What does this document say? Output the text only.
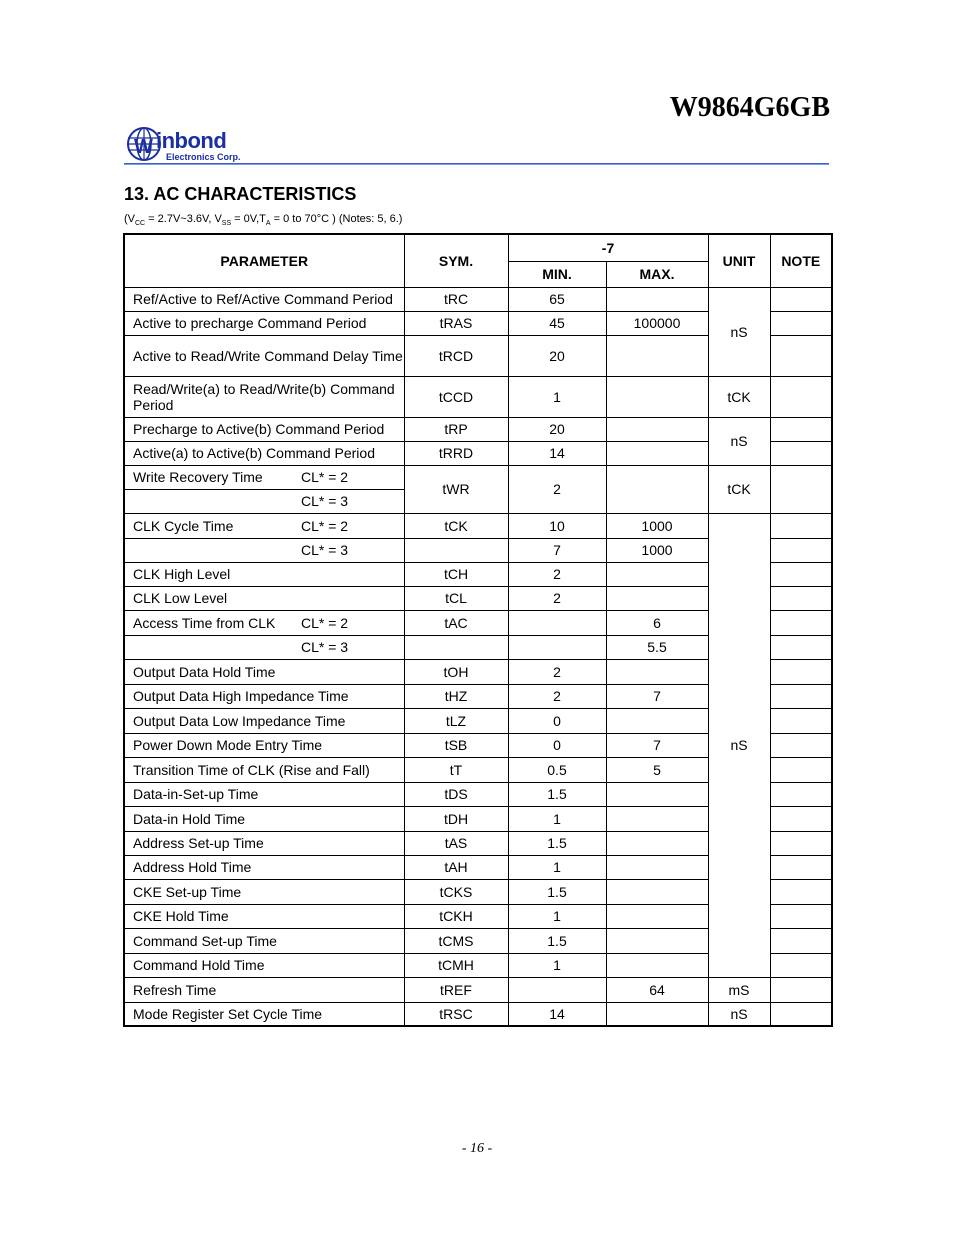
W9864G6GB
W inbond
Electronics Corp.
13. AC CHARACTERISTICS
($V_{CC}$ = 2.7V~3.6V, $V_{SS} = 0V,T_A = 0$ to 70°C ) (Notes: 5, 6.)
PARAMETER	SYM.	-7		UNIT	NOTE
		MIN.	MAX.		
Ref/Active to Ref/Active Command Period	tRC	65		nS	
Active to precharge Command Period	tRAS	45	100000		
Active to Read/Write Command Delay Time	tRCD	20			
Read/Write(a) to Read/Write(b) Command Period	tCCD	1		tCK	
Precharge to Active(b) Command Period	tRP	20		nS	
Active(a) to Active(b) Command Period	tRRD	14			

Write Recovery Time CL* = 2	tWR	2		tCK	

CL* = 3					

CLK Cycle Time CL* = 2	tCK	10	1000	nS	

CL* = 3		7	1000		
CLK High Level	tCH	2			
CLK Low Level	tCL	2			

Access Time from CLK CL* = 2	tAC		6		

CL* = 3			5.5		
Output Data Hold Time	tOH	2			
Output Data High Impedance Time	tHZ	2	7		
Output Data Low Impedance Time	tLZ	0			
Power Down Mode Entry Time	tSB	0	7		
Transition Time of CLK (Rise and Fall)	tT	0.5	5		
Data-in-Set-up Time	tDS	1.5			
Data-in Hold Time	tDH	1			
Address Set-up Time	tAS	1.5			
Address Hold Time	tAH	1			
CKE Set-up Time	tCKS	1.5			
CKE Hold Time	tCKH	1			
Command Set-up Time	tCMS	1.5			
Command Hold Time	tCMH	1			
Refresh Time	tREF		64	mS	
Mode Register Set Cycle Time	tRSC	14		nS	
- 16 -
